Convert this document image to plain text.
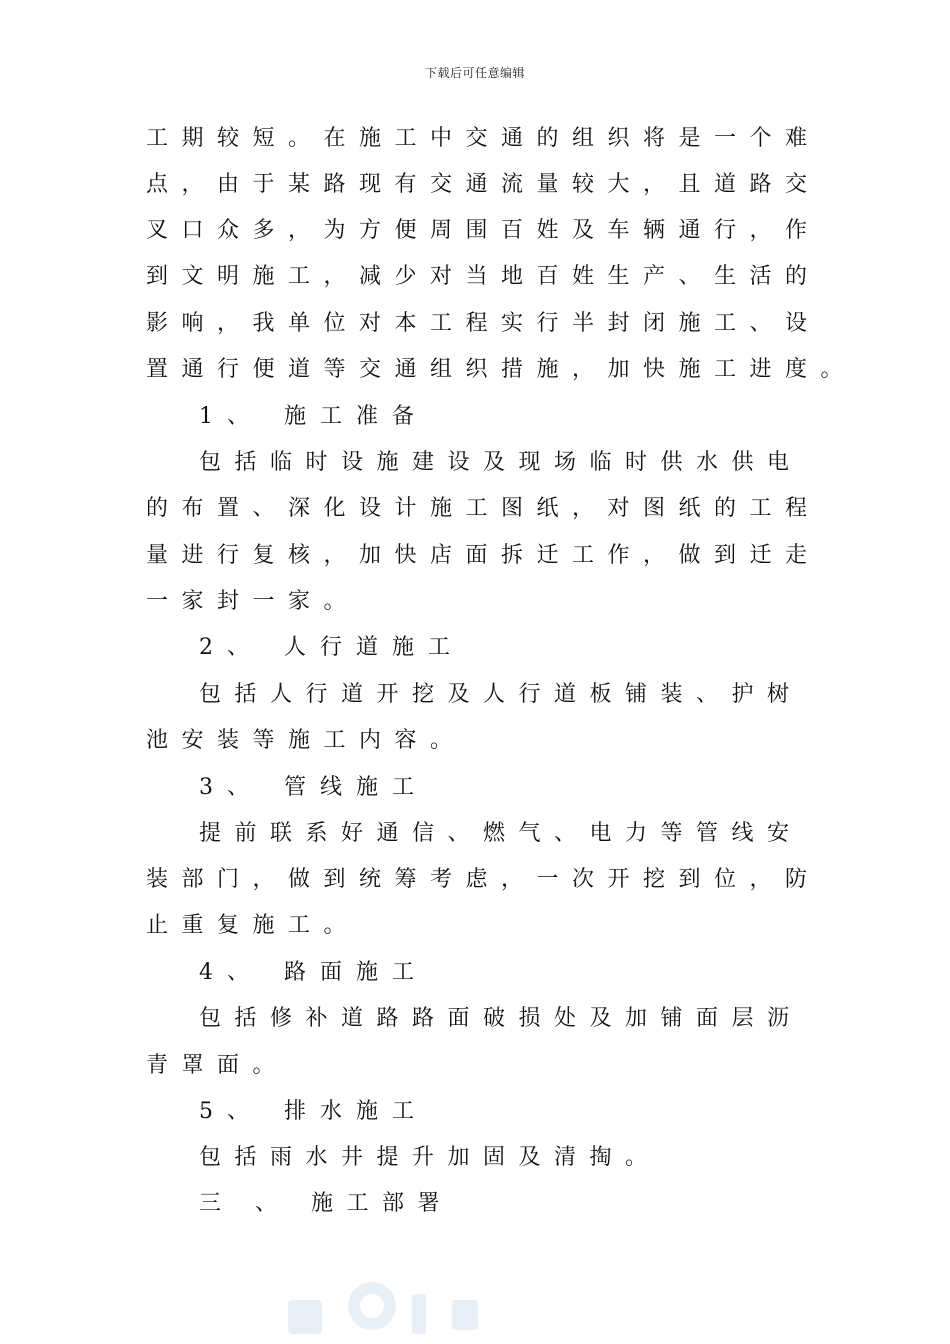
下载后可任意编辑
工期较短。在施工中交通的组织将是一个难
点，由于某路现有交通流量较大，且道路交
叉口众多，为方便周围百姓及车辆通行，作
到文明施工，减少对当地百姓生产、生活的
影响，我单位对本工程实行半封闭施工、设
置通行便道等交通组织措施，加快施工进度。
1、 施工准备
包括临时设施建设及现场临时供水供电
的布置、深化设计施工图纸，对图纸的工程
量进行复核，加快店面拆迁工作，做到迁走
一家封一家。
2、 人行道施工
包括人行道开挖及人行道板铺装、护树
池安装等施工内容。
3、 管线施工
提前联系好通信、燃气、电力等管线安
装部门，做到统筹考虑，一次开挖到位，防
止重复施工。
4、 路面施工
包括修补道路路面破损处及加铺面层沥
青罩面。
5、 排水施工
包括雨水井提升加固及清掏。
三 、 施工部署
